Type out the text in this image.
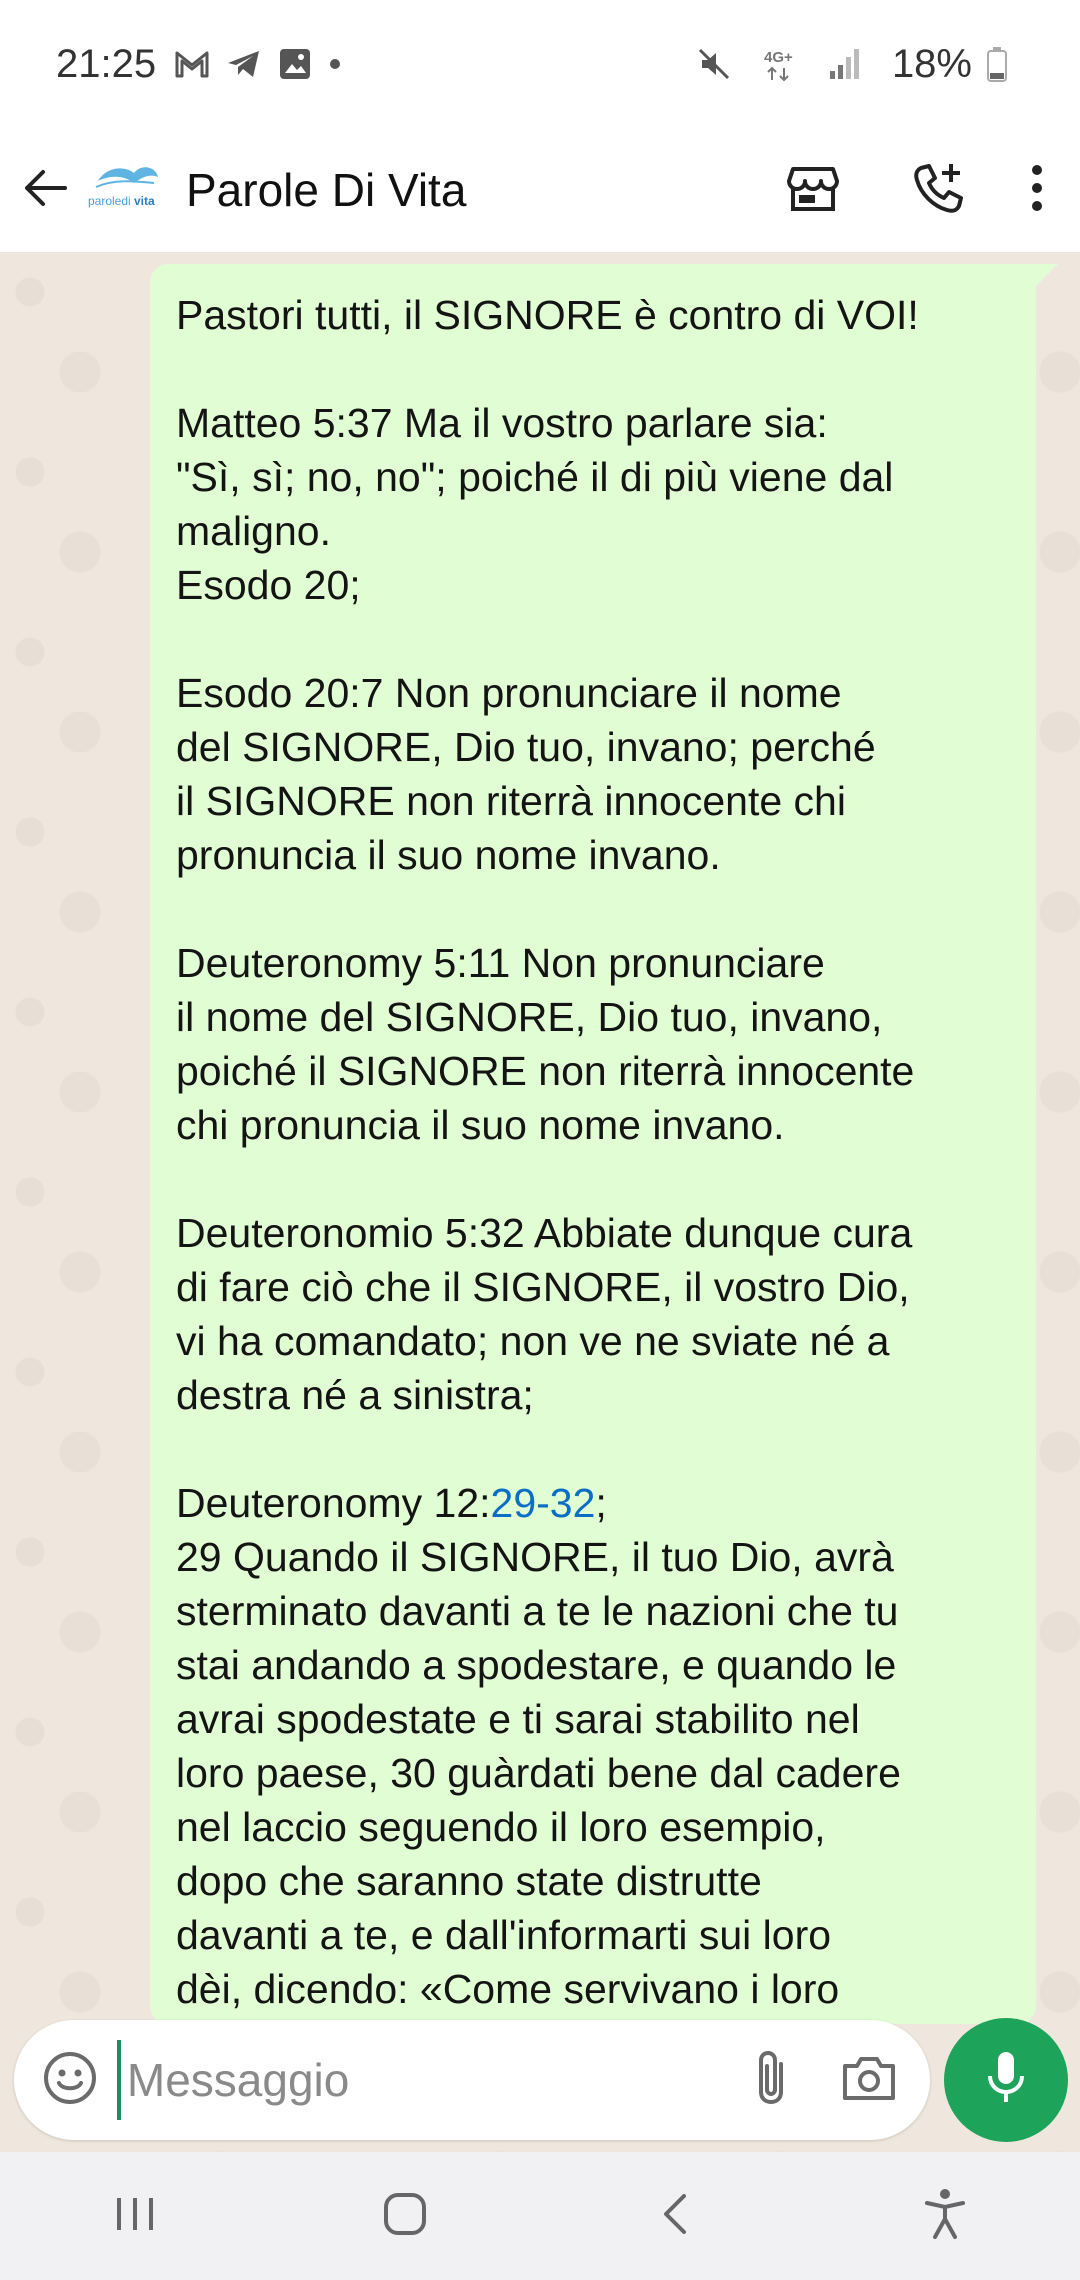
21:25	4G+ 18%
paroledi vita Parole Di Vita
Pastori tutti, il SIGNORE è contro di VOI!
Matteo 5:37 Ma il vostro parlare sia:
"Sì, sì; no, no"; poiché il di più viene dal
maligno.
Esodo 20;
Esodo 20:7 Non pronunciare il nome
del SIGNORE, Dio tuo, invano; perché
il SIGNORE non riterrà innocente chi
pronuncia il suo nome invano.
Deuteronomy 5:11 Non pronunciare
il nome del SIGNORE, Dio tuo, invano,
poiché il SIGNORE non riterrà innocente
chi pronuncia il suo nome invano.
Deuteronomio 5:32 Abbiate dunque cura
di fare ciò che il SIGNORE, il vostro Dio,
vi ha comandato; non ve ne sviate né a
destra né a sinistra;
Deuteronomy 12:29-32;
29 Quando il SIGNORE, il tuo Dio, avrà
sterminato davanti a te le nazioni che tu
stai andando a spodestare, e quando le
avrai spodestate e ti sarai stabilito nel
loro paese, 30 guàrdati bene dal cadere
nel laccio seguendo il loro esempio,
dopo che saranno state distrutte
davanti a te, e dall'informarti sui loro
dèi, dicendo: «Come servivano i loro
Messaggio
